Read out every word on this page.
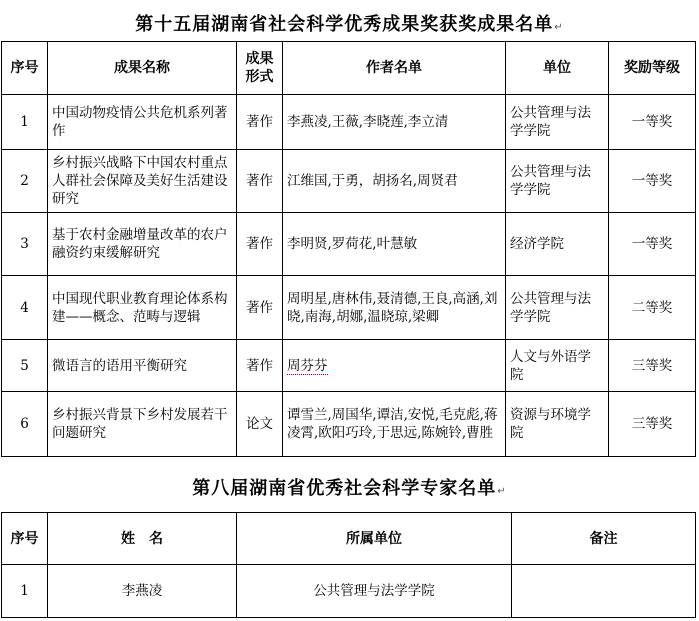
第十五届湖南省社会科学优秀成果奖获奖成果名单↵
序号	成果名称	成果形式	作者名单	单位	奖励等级
1	中国动物疫情公共危机系列著作	著作	李燕凌,王薇,李晓莲,李立清	公共管理与法学学院	一等奖
2	乡村振兴战略下中国农村重点人群社会保障及美好生活建设研究	著作	江维国,于勇，胡扬名,周贤君	公共管理与法学学院	一等奖
3	基于农村金融增量改革的农户融资约束缓解研究	著作	李明贤,罗荷花,叶慧敏	经济学院	一等奖
4	中国现代职业教育理论体系构建——概念、范畴与逻辑	著作	周明星,唐林伟,聂清德,王良,高涵,刘晓,南海,胡娜,温晓琼,梁卿	公共管理与法学学院	二等奖
5	微语言的语用平衡研究	著作	周芬芬	人文与外语学院	三等奖
6	乡村振兴背景下乡村发展若干问题研究	论文	谭雪兰,周国华,谭洁,安悦,毛克彪,蒋凌霄,欧阳巧玲,于思远,陈婉铃,曹胜	资源与环境学院	三等奖
第八届湖南省优秀社会科学专家名单↵
序号	姓　名	所属单位	备注
1	李燕凌	公共管理与法学学院	
